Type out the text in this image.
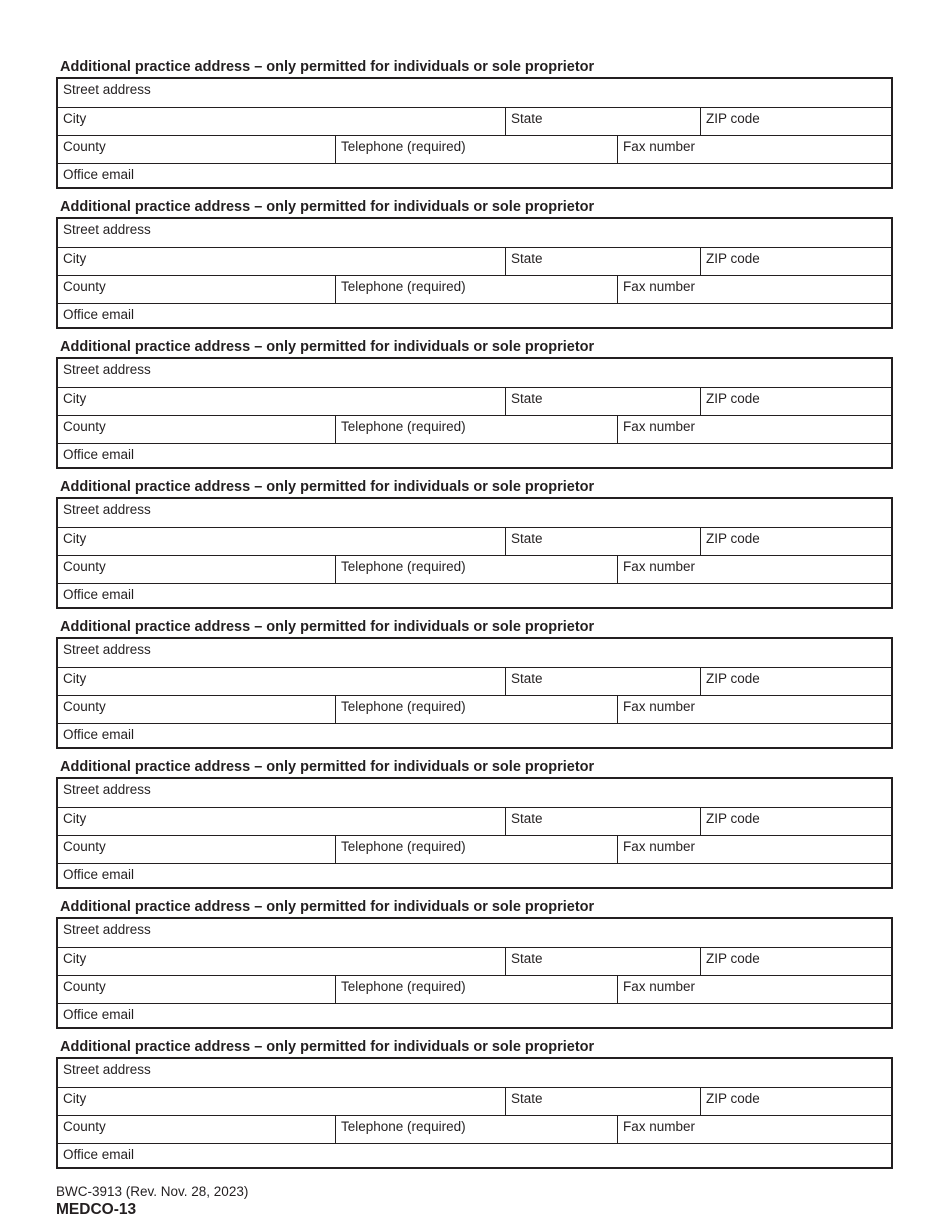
Additional practice address – only permitted for individuals or sole proprietor
Street address
City	State	ZIP code
County	Telephone (required)	Fax number
Office email
Additional practice address – only permitted for individuals or sole proprietor
Street address
City	State	ZIP code
County	Telephone (required)	Fax number
Office email
Additional practice address – only permitted for individuals or sole proprietor
Street address
City	State	ZIP code
County	Telephone (required)	Fax number
Office email
Additional practice address – only permitted for individuals or sole proprietor
Street address
City	State	ZIP code
County	Telephone (required)	Fax number
Office email
Additional practice address – only permitted for individuals or sole proprietor
Street address
City	State	ZIP code
County	Telephone (required)	Fax number
Office email
Additional practice address – only permitted for individuals or sole proprietor
Street address
City	State	ZIP code
County	Telephone (required)	Fax number
Office email
Additional practice address – only permitted for individuals or sole proprietor
Street address
City	State	ZIP code
County	Telephone (required)	Fax number
Office email
Additional practice address – only permitted for individuals or sole proprietor
Street address
City	State	ZIP code
County	Telephone (required)	Fax number
Office email
BWC-3913 (Rev. Nov. 28, 2023)
MEDCO-13
